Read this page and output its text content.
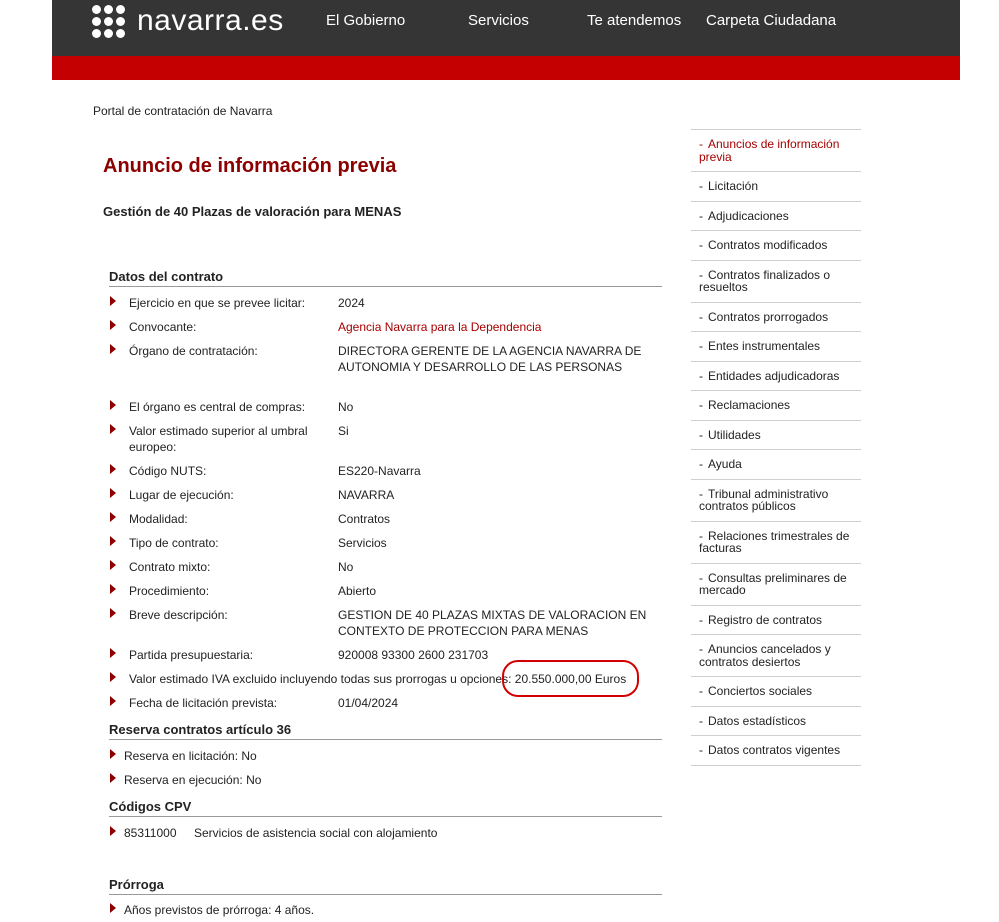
navarra.es	El Gobierno	Servicios	Te atendemos Carpeta Ciudadana
Portal de contratación de Navarra
Anuncio de información previa
Gestión de 40 Plazas de valoración para MENAS
Datos del contrato
Ejercicio en que se prevee licitar:	2024
Convocante:	Agencia Navarra para la Dependencia
Órgano de contratación:	DIRECTORA GERENTE DE LA AGENCIA NAVARRA DE AUTONOMIA Y DESARROLLO DE LAS PERSONAS
El órgano es central de compras:	No
Valor estimado superior al umbral europeo:
Si
Código NUTS:	ES220-Navarra
Lugar de ejecución:	NAVARRA
Modalidad:	Contratos
Tipo de contrato:	Servicios
Contrato mixto:	No
Procedimiento:	Abierto
Breve descripción:	GESTION DE 40 PLAZAS MIXTAS DE VALORACION EN CONTEXTO DE PROTECCION PARA MENAS
Partida presupuestaria:	920008 93300 2600 231703
Valor estimado IVA excluido incluyendo todas sus prorrogas u opciones: 20.550.000,00 Euros
Fecha de licitación prevista:	01/04/2024
Reserva contratos artículo 36
Reserva en licitación: No
Reserva en ejecución: No
Códigos CPV
85311000 Servicios de asistencia social con alojamiento
Prórroga
Años previstos de prórroga: 4 años.
- Anuncios de información previa
- Licitación
- Adjudicaciones
- Contratos modificados
- Contratos finalizados o resueltos
- Contratos prorrogados
- Entes instrumentales
- Entidades adjudicadoras
- Reclamaciones
- Utilidades
- Ayuda
- Tribunal administrativo contratos públicos
- Relaciones trimestrales de facturas
- Consultas preliminares de mercado
- Registro de contratos
- Anuncios cancelados y contratos desiertos
- Conciertos sociales
- Datos estadísticos
- Datos contratos vigentes
